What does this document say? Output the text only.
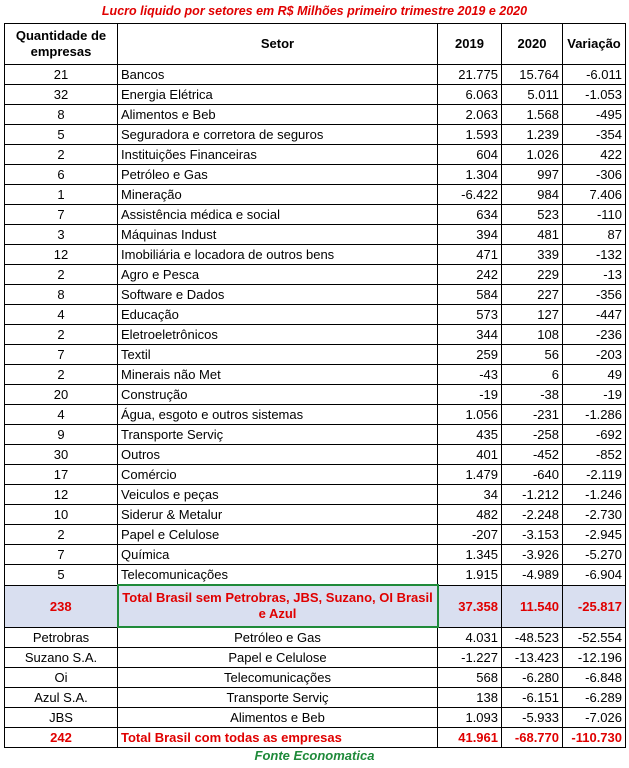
Lucro liquido por setores em R$ Milhões primeiro trimestre 2019 e 2020
Quantidade de empresas	Setor	2019	2020	Variação
21	Bancos	21.775	15.764	-6.011
32	Energia Elétrica	6.063	5.011	-1.053
8	Alimentos e Beb	2.063	1.568	-495
5	Seguradora e corretora de seguros	1.593	1.239	-354
2	Instituições Financeiras	604	1.026	422
6	Petróleo e Gas	1.304	997	-306
1	Mineração	-6.422	984	7.406
7	Assistência médica e social	634	523	-110
3	Máquinas Indust	394	481	87
12	Imobiliária e locadora de outros bens	471	339	-132
2	Agro e Pesca	242	229	-13
8	Software e Dados	584	227	-356
4	Educação	573	127	-447
2	Eletroeletrônicos	344	108	-236
7	Textil	259	56	-203
2	Minerais não Met	-43	6	49
20	Construção	-19	-38	-19
4	Água, esgoto e outros sistemas	1.056	-231	-1.286
9	Transporte Serviç	435	-258	-692
30	Outros	401	-452	-852
17	Comércio	1.479	-640	-2.119
12	Veiculos e peças	34	-1.212	-1.246
10	Siderur & Metalur	482	-2.248	-2.730
2	Papel e Celulose	-207	-3.153	-2.945
7	Química	1.345	-3.926	-5.270
5	Telecomunicações	1.915	-4.989	-6.904
238	Total Brasil sem Petrobras, JBS, Suzano, OI Brasil e Azul	37.358	11.540	-25.817
Petrobras	Petróleo e Gas	4.031	-48.523	-52.554
Suzano S.A.	Papel e Celulose	-1.227	-13.423	-12.196
Oi	Telecomunicações	568	-6.280	-6.848
Azul S.A.	Transporte Serviç	138	-6.151	-6.289
JBS	Alimentos e Beb	1.093	-5.933	-7.026
242	Total Brasil com todas as empresas	41.961	-68.770	-110.730
Fonte Economatica
